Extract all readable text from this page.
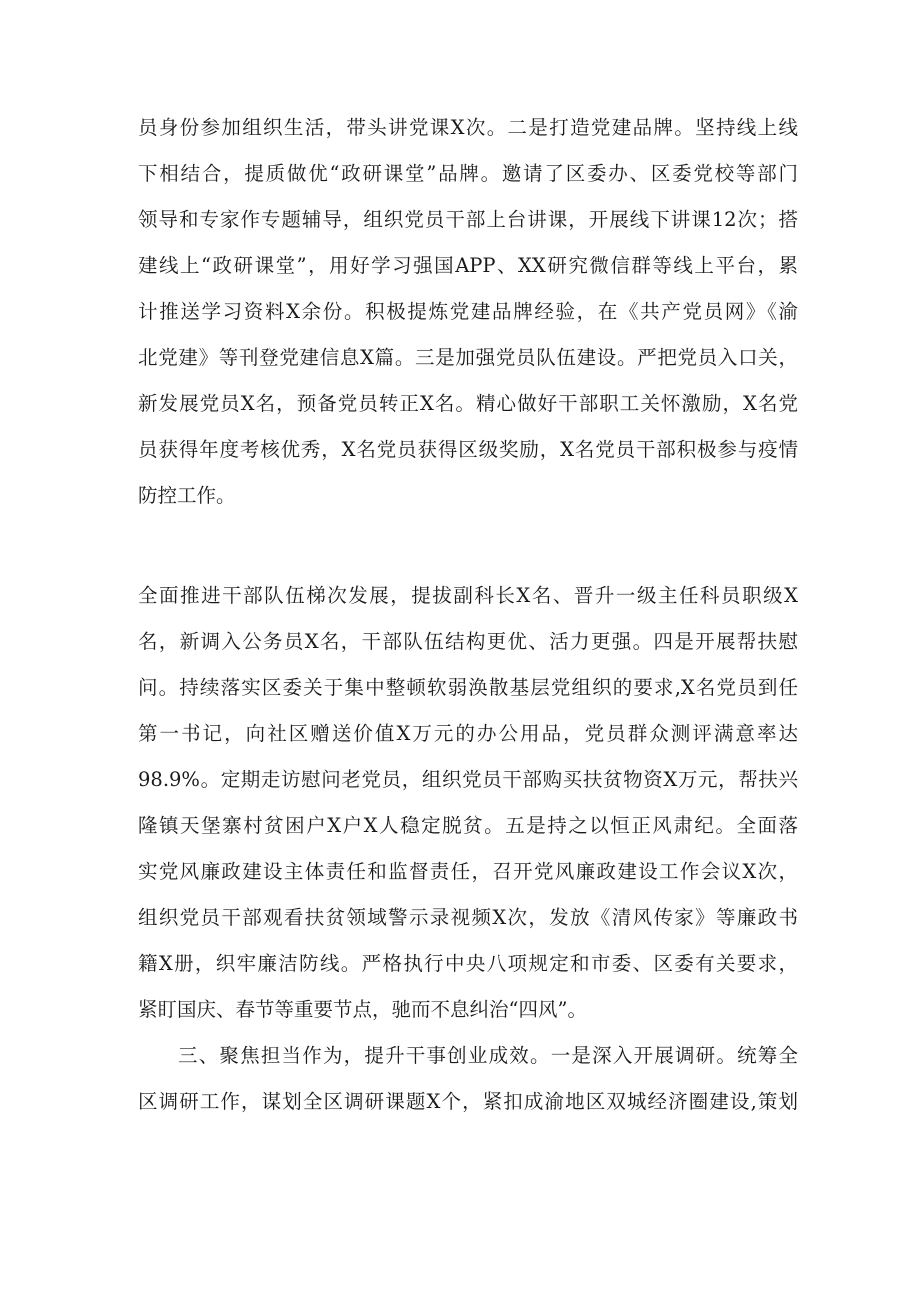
员身份参加组织生活，带头讲党课X次。二是打造党建品牌。坚持线上线
下相结合，提质做优“政研课堂”品牌。邀请了区委办、区委党校等部门
领导和专家作专题辅导，组织党员干部上台讲课，开展线下讲课12次；搭
建线上“政研课堂”，用好学习强国APP、XX研究微信群等线上平台，累
计推送学习资料X余份。积极提炼党建品牌经验，在《共产党员网》《渝
北党建》等刊登党建信息X篇。三是加强党员队伍建设。严把党员入口关，
新发展党员X名，预备党员转正X名。精心做好干部职工关怀激励，X名党
员获得年度考核优秀，X名党员获得区级奖励，X名党员干部积极参与疫情
防控工作。
全面推进干部队伍梯次发展，提拔副科长X名、晋升一级主任科员职级X
名，新调入公务员X名，干部队伍结构更优、活力更强。四是开展帮扶慰
问。持续落实区委关于集中整顿软弱涣散基层党组织的要求,X名党员到任
第一书记，向社区赠送价值X万元的办公用品，党员群众测评满意率达
98.9%。定期走访慰问老党员，组织党员干部购买扶贫物资X万元，帮扶兴
隆镇天堡寨村贫困户X户X人稳定脱贫。五是持之以恒正风肃纪。全面落
实党风廉政建设主体责任和监督责任，召开党风廉政建设工作会议X次，
组织党员干部观看扶贫领域警示录视频X次，发放《清风传家》等廉政书
籍X册，织牢廉洁防线。严格执行中央八项规定和市委、区委有关要求，
紧盯国庆、春节等重要节点，驰而不息纠治“四风”。
三、聚焦担当作为，提升干事创业成效。一是深入开展调研。统筹全
区调研工作，谋划全区调研课题X个，紧扣成渝地区双城经济圈建设,策划
